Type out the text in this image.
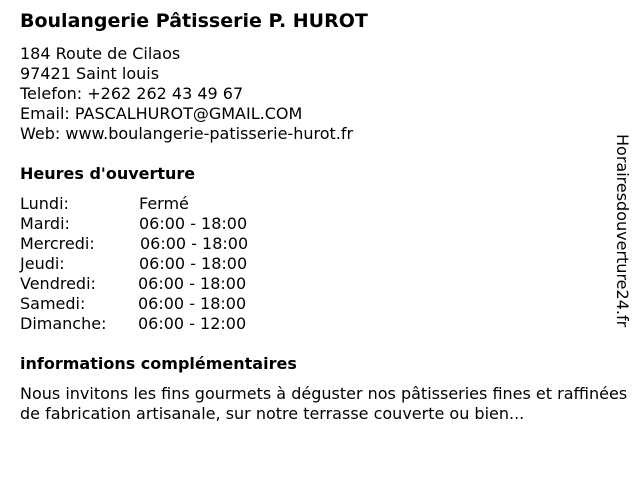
Boulangerie Pâtisserie P. HUROT
184 Route de Cilaos
97421 Saint louis
Telefon: +262 262 43 49 67
Email: PASCALHUROT@GMAIL.COM
Web: www.boulangerie-patisserie-hurot.fr
Heures d'ouverture
Lundi:	Fermé
Mardi:	06:00 - 18:00
Mercredi:	06:00 - 18:00
Jeudi:	06:00 - 18:00
Vendredi:	06:00 - 18:00
Samedi:	06:00 - 18:00
Dimanche: 06:00 - 12:00
informations complémentaires
Nous invitons les fins gourmets à déguster nos pâtisseries fines et raffinées de fabrication artisanale, sur notre terrasse couverte ou bien...
Horairesdouverture24.fr
